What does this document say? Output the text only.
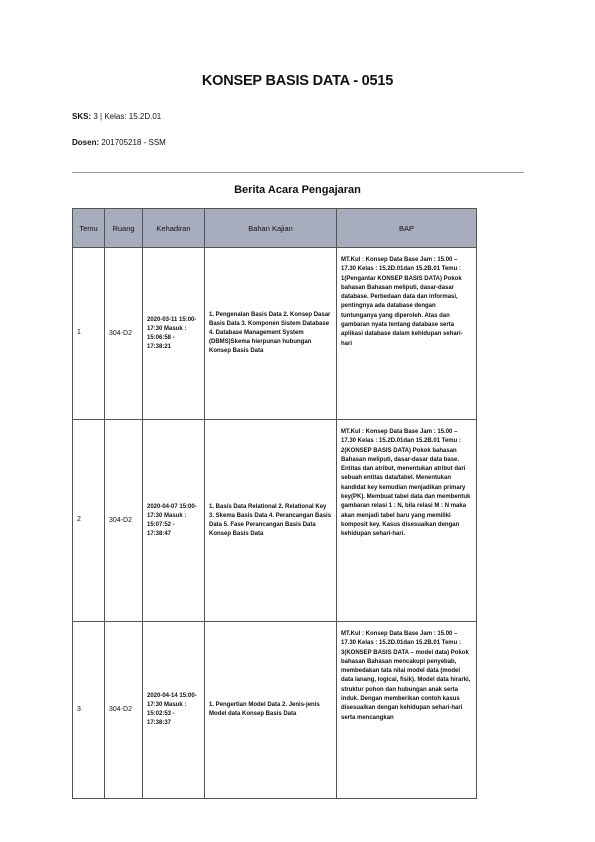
KONSEP BASIS DATA - 0515
SKS: 3 | Kelas: 15.2D.01
Dosen: 201705218 - SSM
Berita Acara Pengajaran
Temu	Ruang	Kehadiran	Bahan Kajian	BAP
1	304-D2	2020-03-11 15:00-17:30 Masuk : 15:06:58 - 17:38:21	1. Pengenalan Basis Data 2. Konsep Dasar Basis Data 3. Komponen Sistem Database 4. Database Management System (DBMS)Skema hierpunan hubungan Konsep Basis Data	MT.Kul : Konsep Data Base Jam : 15.00 – 17.30 Kelas : 15.2D.01dan 15.2B.01 Temu : 1(Pengantar KONSEP BASIS DATA) Pokok bahasan Bahasan meliputi, dasar-dasar database. Perbedaan data dan informasi, pentingnya ada database dengan tuntunganya yang diperoleh. Atas dan gambaran nyata tentang database serta aplikasi database dalam kehidupan sehari-hari
2	304-D2	2020-04-07 15:00-17:30 Masuk : 15:07:52 - 17:38:47	1. Basis Data Relational 2. Relational Key 3. Skema Basis Data 4. Perancangan Basis Data 5. Fase Perancangan Basis Data Konsep Basis Data	MT.Kul : Konsep Data Base Jam : 15.00 – 17.30 Kelas : 15.2D.01dan 15.2B.01 Temu : 2(KONSEP BASIS DATA) Pokok bahasan Bahasan meliputi, dasar-dasar data base. Entitas dan atribut, menentukan atribut dari sebuah entitas data/tabel. Menentukan kandidat key kemudian menjadikan primary key(PK). Membuat tabel data dan membentuk gambaran relasi 1 : N, bila relasi M : N maka akan menjadi tabel baru yang memiliki komposit key. Kasus disesuaikan dengan kehidupan sehari-hari.
3	304-D2	2020-04-14 15:00-17:30 Masuk : 15:02:53 - 17:38:37	1. Pengertian Model Data 2. Jenis-jenis Model data Konsep Basis Data	MT.Kul : Konsep Data Base Jam : 15.00 – 17.30 Kelas : 15.2D.01dan 15.2B.01 Temu : 3(KONSEP BASIS DATA – model data) Pokok bahasan Bahasan mencakupi penyebab, membedakan tata nilai model data (model data lanang, logical, fisik). Model data hirarki, struktur pohon dan hubungan anak serta induk. Dengan memberikan contoh kasus disesuaikan dengan kehidupan sehari-hari serta mencangkan
